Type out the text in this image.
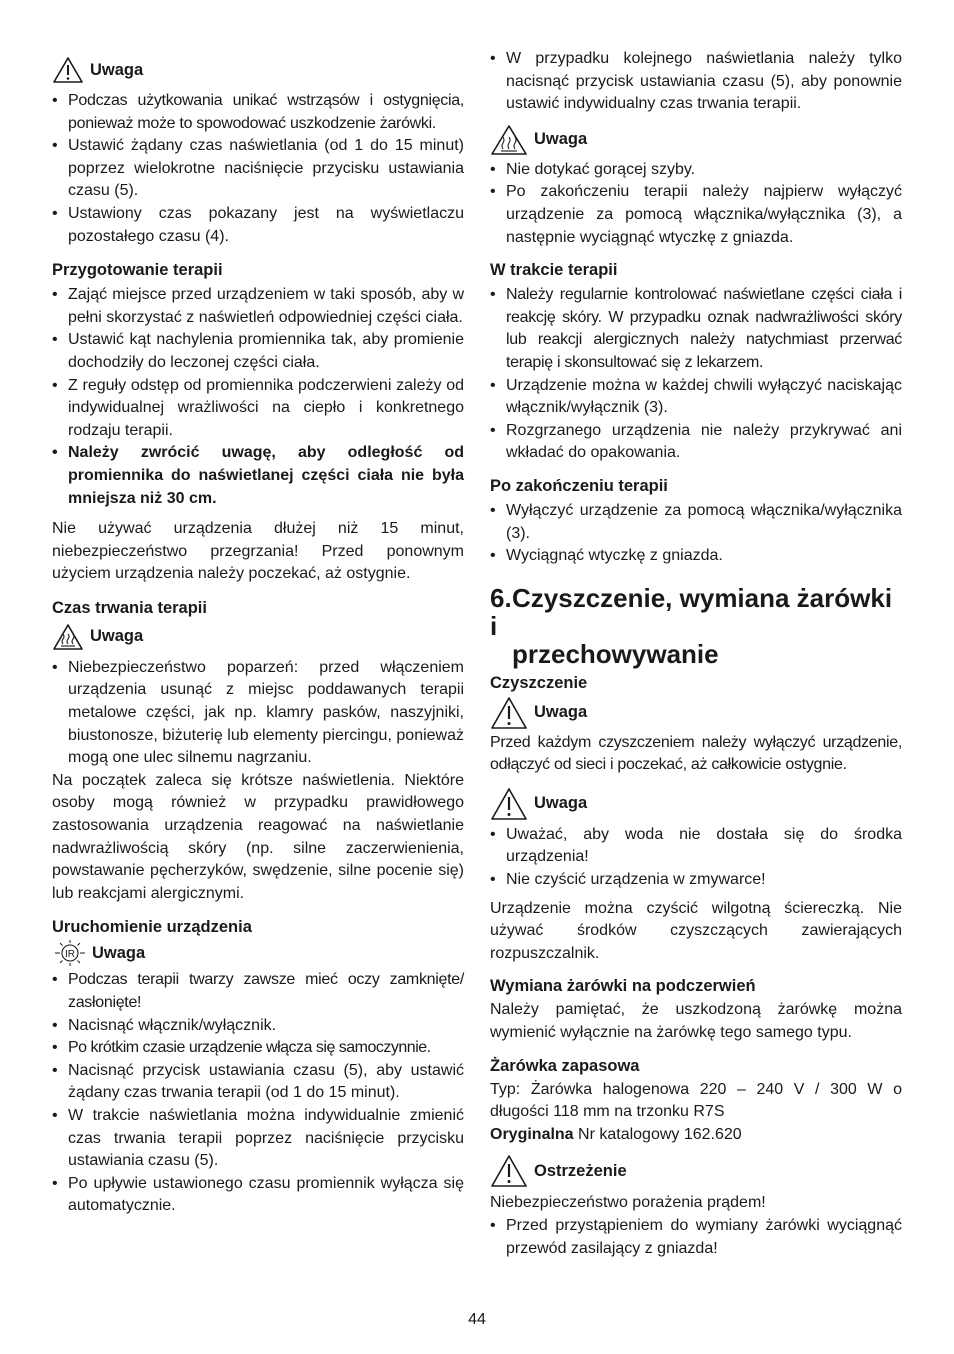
Uwaga
• Podczas użytkowania unikać wstrząsów i ostygnięcia, ponieważ może to spowodować uszkodzenie żarówki.
• Ustawić żądany czas naświetlania (od 1 do 15 minut) poprzez wielokrotne naciśnięcie przycisku ustawiania czasu (5).
• Ustawiony czas pokazany jest na wyświetlaczu pozostałego czasu (4).

Przygotowanie terapii

• Zająć miejsce przed urządzeniem w taki sposób, aby w pełni skorzystać z naświetleń odpowiedniej części ciała.
• Ustawić kąt nachylenia promiennika tak, aby promienie dochodziły do leczonej części ciała.
• Z reguły odstęp od promiennika podczerwieni zależy od indywidualnej wrażliwości na ciepło i konkretnego rodzaju terapii.
• Należy zwrócić uwagę, aby odległość od promiennika do naświetlanej części ciała nie była mniejsza niż 30 cm.

Nie używać urządzenia dłużej niż 15 minut, niebezpieczeństwo przegrzania! Przed ponownym użyciem urządzenia należy poczekać, aż ostygnie.

Czas trwania terapii

Uwaga
• Niebezpieczeństwo poparzeń: przed włączeniem urządzenia usunąć z miejsc poddawanych terapii metalowe części, jak np. klamry pasków, naszyjniki, biustonosze, biżuterię lub elementy piercingu, ponieważ mogą one ulec silnemu nagrzaniu.

Na początek zaleca się krótsze naświetlenia. Niektóre osoby mogą również w przypadku prawidłowego zastosowania urządzenia reagować na naświetlanie nadwrażliwością skóry (np. silne zaczerwienienia, powstawanie pęcherzyków, swędzenie, silne pocenie się) lub reakcjami alergicznymi.

Uruchomienie urządzenia

IR Uwaga
• Podczas terapii twarzy zawsze mieć oczy zamknięte/ zasłonięte!
• Nacisnąć włącznik/wyłącznik.
• Po krótkim czasie urządzenie włącza się samoczynnie.
• Nacisnąć przycisk ustawiania czasu (5), aby ustawić żądany czas trwania terapii (od 1 do 15 minut).
• W trakcie naświetlania można indywidualnie zmienić czas trwania terapii poprzez naciśnięcie przycisku ustawiania czasu (5).
• Po upływie ustawionego czasu promiennik wyłącza się automatycznie.
• W przypadku kolejnego naświetlania należy tylko nacisnąć przycisk ustawiania czasu (5), aby ponownie ustawić indywidualny czas trwania terapii.
Uwaga
• Nie dotykać gorącej szyby.
• Po zakończeniu terapii należy najpierw wyłączyć urządzenie za pomocą włącznika/wyłącznika (3), a następnie wyciągnąć wtyczkę z gniazda.

W trakcie terapii

• Należy regularnie kontrolować naświetlane części ciała i reakcję skóry. W przypadku oznak nadwrażliwości skóry lub reakcji alergicznych należy natychmiast przerwać terapię i skonsultować się z lekarzem.
• Urządzenie można w każdej chwili wyłączyć naciskając włącznik/wyłącznik (3).
• Rozgrzanego urządzenia nie należy przykrywać ani wkładać do opakowania.

Po zakończeniu terapii

• Wyłączyć urządzenie za pomocą włącznika/wyłącznika (3).
• Wyciągnąć wtyczkę z gniazda.
6.Czyszczenie, wymiana żarówki i
przechowywanie

Czyszczenie

Uwaga

Przed każdym czyszczeniem należy wyłączyć urządzenie, odłączyć od sieci i poczekać, aż całkowicie ostygnie.

Uwaga
• Uważać, aby woda nie dostała się do środka urządzenia!
• Nie czyścić urządzenia w zmywarce!

Urządzenie można czyścić wilgotną ściereczką. Nie używać środków czyszczących zawierających rozpuszczalnik.

Wymiana żarówki na podczerwień

Należy pamiętać, że uszkodzoną żarówkę można wymienić wyłącznie na żarówkę tego samego typu.

Żarówka zapasowa

Typ: Żarówka halogenowa 220 – 240 V / 300 W o długości 118 mm na trzonku R7S

Oryginalna Nr katalogowy 162.620

Ostrzeżenie

Niebezpieczeństwo porażenia prądem!

• Przed przystąpieniem do wymiany żarówki wyciągnąć przewód zasilający z gniazda!
44
